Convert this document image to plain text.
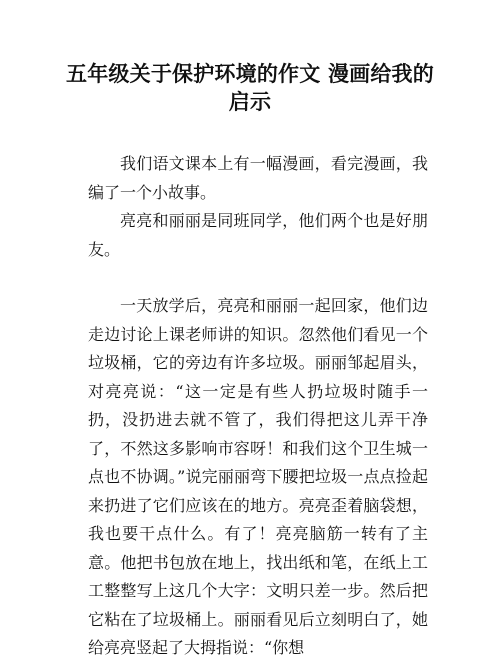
五年级关于保护环境的作文 漫画给我的启示

我们语文课本上有一幅漫画，看完漫画，我编了一个小故事。

亮亮和丽丽是同班同学，他们两个也是好朋友。

一天放学后，亮亮和丽丽一起回家，他们边走边讨论上课老师讲的知识。忽然他们看见一个垃圾桶，它的旁边有许多垃圾。丽丽邹起眉头，对亮亮说：“这一定是有些人扔垃圾时随手一扔，没扔进去就不管了，我们得把这儿弄干净了，不然这多影响市容呀！和我们这个卫生城一点也不协调。”说完丽丽弯下腰把垃圾一点点捡起来扔进了它们应该在的地方。亮亮歪着脑袋想，我也要干点什么。有了！亮亮脑筋一转有了主意。他把书包放在地上，找出纸和笔，在纸上工工整整写上这几个大字：文明只差一步。然后把它粘在了垃圾桶上。丽丽看见后立刻明白了，她给亮亮竖起了大拇指说：“你想
